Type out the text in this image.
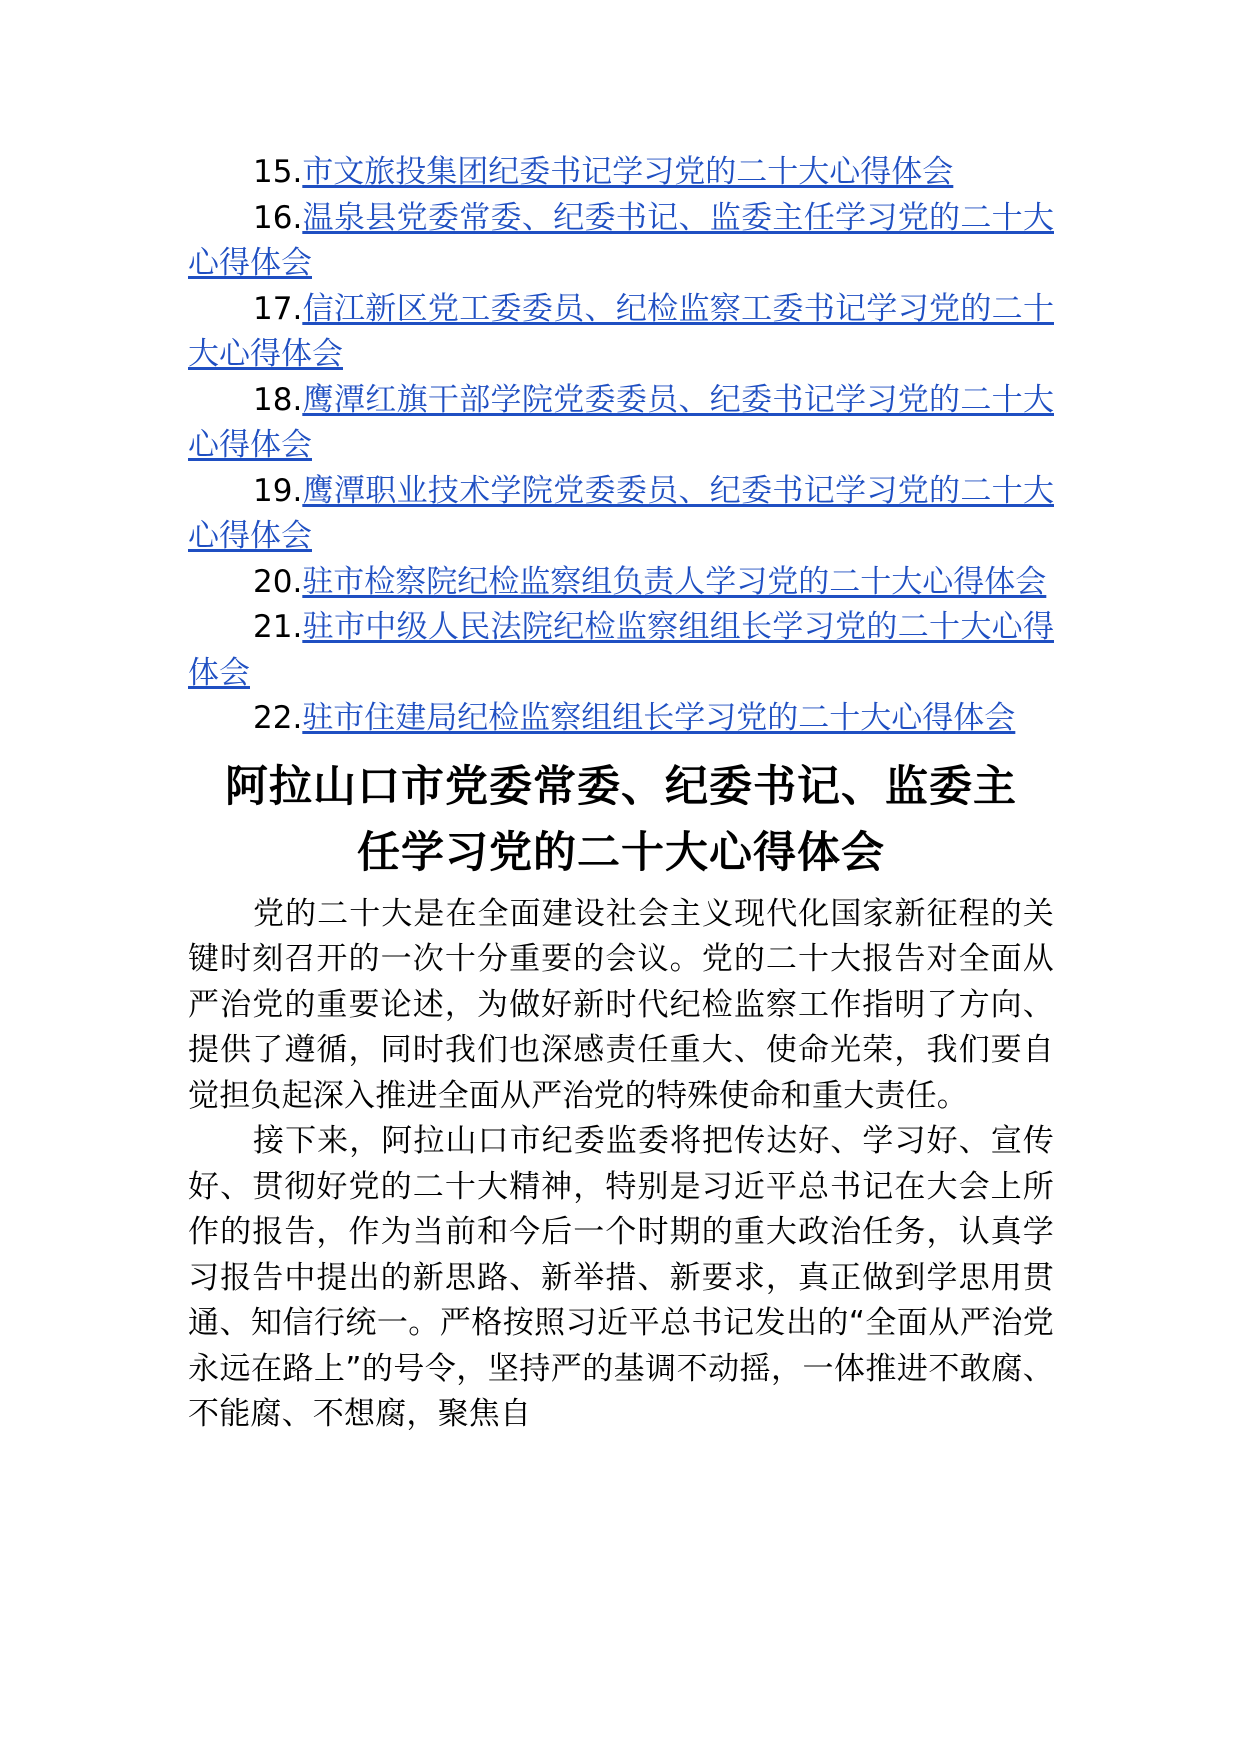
15.市文旅投集团纪委书记学习党的二十大心得体会

16.温泉县党委常委、纪委书记、监委主任学习党的二十大心得体会

17.信江新区党工委委员、纪检监察工委书记学习党的二十大心得体会

18.鹰潭红旗干部学院党委委员、纪委书记学习党的二十大心得体会

19.鹰潭职业技术学院党委委员、纪委书记学习党的二十大心得体会

20.驻市检察院纪检监察组负责人学习党的二十大心得体会

21.驻市中级人民法院纪检监察组组长学习党的二十大心得体会

22.驻市住建局纪检监察组组长学习党的二十大心得体会

阿拉山口市党委常委、纪委书记、监委主
任学习党的二十大心得体会

党的二十大是在全面建设社会主义现代化国家新征程的关键时刻召开的一次十分重要的会议。党的二十大报告对全面从严治党的重要论述，为做好新时代纪检监察工作指明了方向、提供了遵循，同时我们也深感责任重大、使命光荣，我们要自觉担负起深入推进全面从严治党的特殊使命和重大责任。

接下来，阿拉山口市纪委监委将把传达好、学习好、宣传好、贯彻好党的二十大精神，特别是习近平总书记在大会上所作的报告，作为当前和今后一个时期的重大政治任务，认真学习报告中提出的新思路、新举措、新要求，真正做到学思用贯通、知信行统一。严格按照习近平总书记发出的“全面从严治党永远在路上”的号令，坚持严的基调不动摇，一体推进不敢腐、不能腐、不想腐，聚焦自
